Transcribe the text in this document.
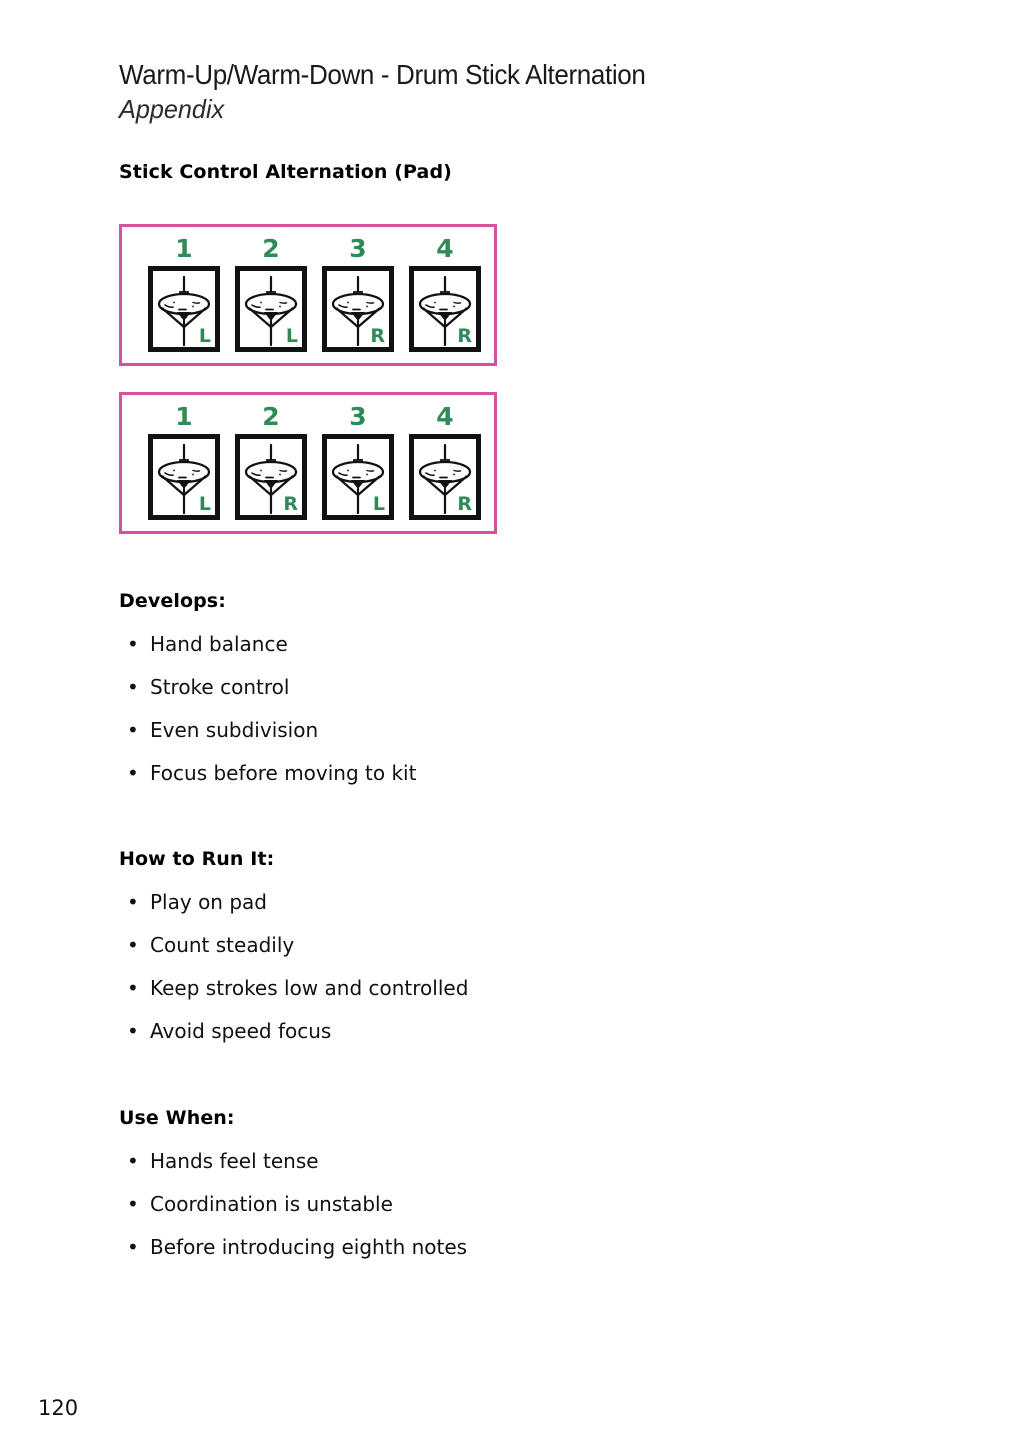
Warm-Up/Warm-Down - Drum Stick Alternation
Appendix
Stick Control Alternation (Pad)
1
L
2
L
3
R
4
R
1
L
2
R
3
L
4
R
Develops:
• Hand balance
• Stroke control
• Even subdivision
• Focus before moving to kit
How to Run It:
• Play on pad
• Count steadily
• Keep strokes low and controlled
• Avoid speed focus
Use When:
• Hands feel tense
• Coordination is unstable
• Before introducing eighth notes
120
